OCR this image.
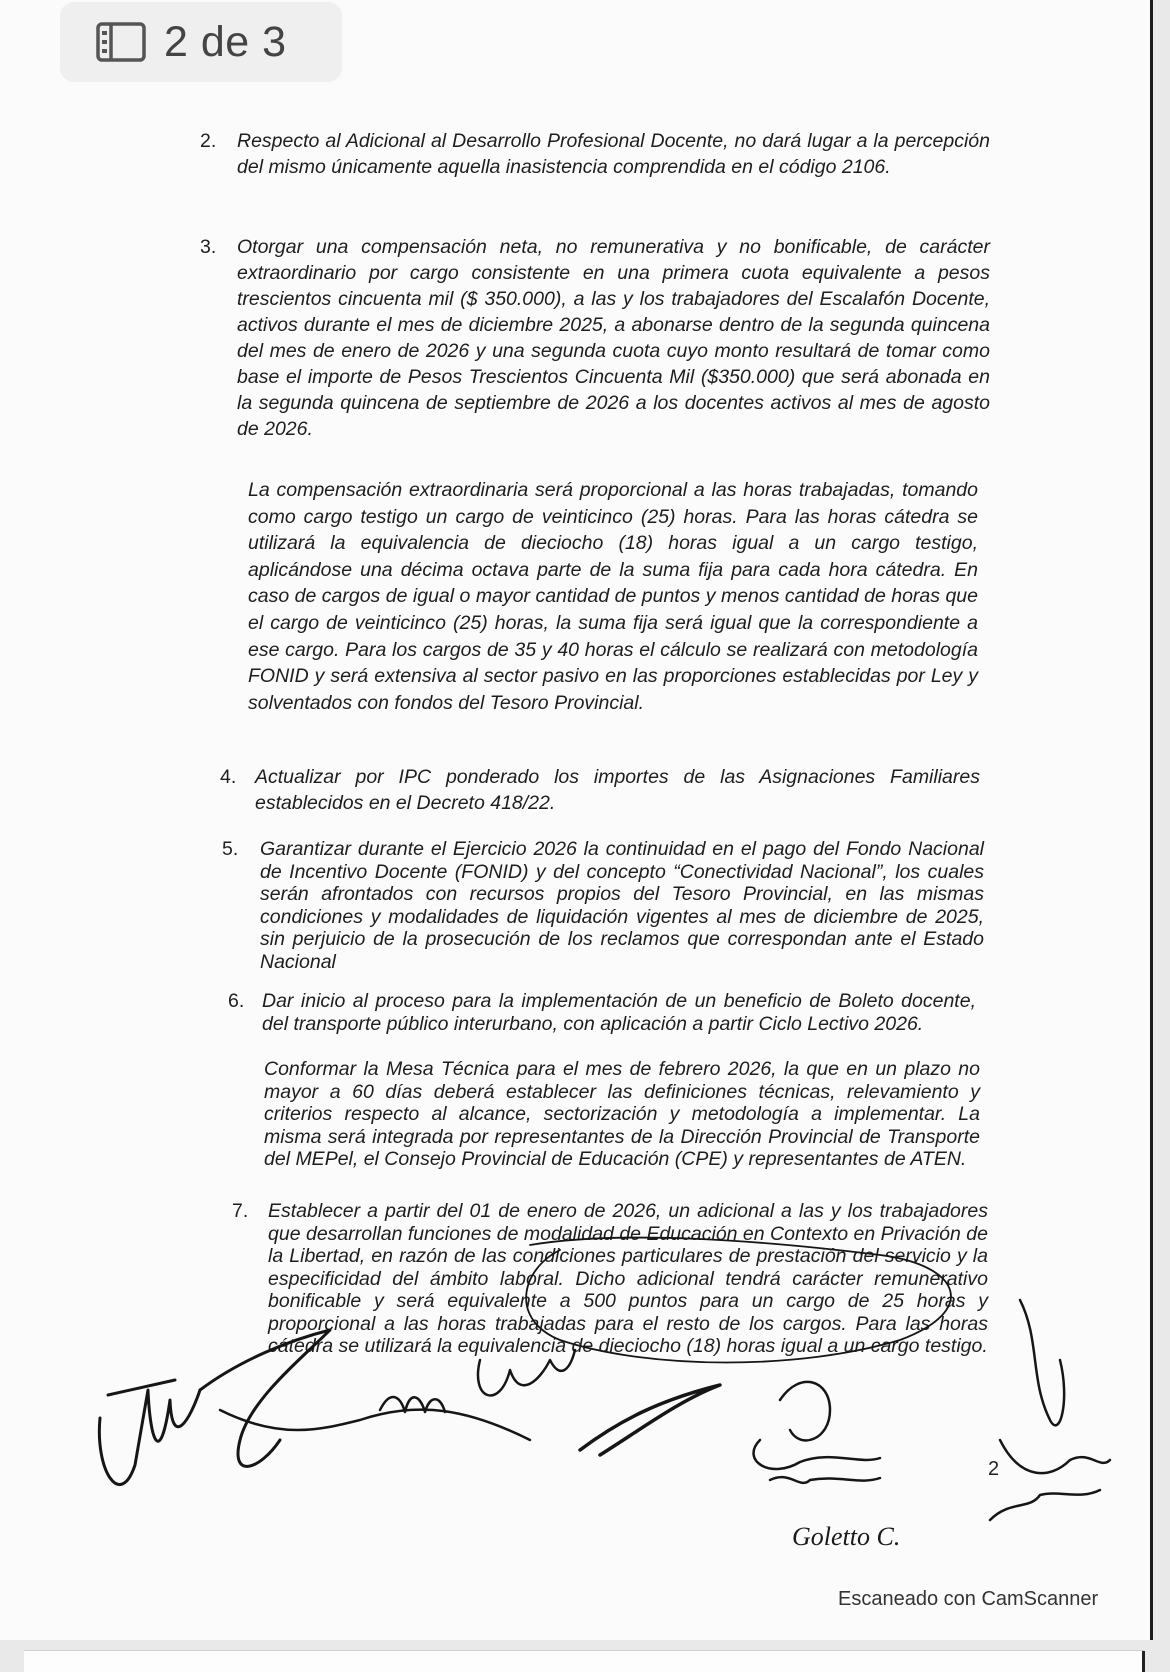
2 de 3
2. Respecto al Adicional al Desarrollo Profesional Docente, no dará lugar a la percepción del mismo únicamente aquella inasistencia comprendida en el código 2106.

3. Otorgar una compensación neta, no remunerativa y no bonificable, de carácter extraordinario por cargo consistente en una primera cuota equivalente a pesos trescientos cincuenta mil ($ 350.000), a las y los trabajadores del Escalafón Docente, activos durante el mes de diciembre 2025, a abonarse dentro de la segunda quincena del mes de enero de 2026 y una segunda cuota cuyo monto resultará de tomar como base el importe de Pesos Trescientos Cincuenta Mil ($350.000) que será abonada en la segunda quincena de septiembre de 2026 a los docentes activos al mes de agosto de 2026.

La compensación extraordinaria será proporcional a las horas trabajadas, tomando como cargo testigo un cargo de veinticinco (25) horas. Para las horas cátedra se utilizará la equivalencia de dieciocho (18) horas igual a un cargo testigo, aplicándose una décima octava parte de la suma fija para cada hora cátedra. En caso de cargos de igual o mayor cantidad de puntos y menos cantidad de horas que el cargo de veinticinco (25) horas, la suma fija será igual que la correspondiente a ese cargo. Para los cargos de 35 y 40 horas el cálculo se realizará con metodología FONID y será extensiva al sector pasivo en las proporciones establecidas por Ley y solventados con fondos del Tesoro Provincial.

4. Actualizar por IPC ponderado los importes de las Asignaciones Familiares establecidos en el Decreto 418/22.

5. Garantizar durante el Ejercicio 2026 la continuidad en el pago del Fondo Nacional de Incentivo Docente (FONID) y del concepto “Conectividad Nacional”, los cuales serán afrontados con recursos propios del Tesoro Provincial, en las mismas condiciones y modalidades de liquidación vigentes al mes de diciembre de 2025, sin perjuicio de la prosecución de los reclamos que correspondan ante el Estado Nacional

6. Dar inicio al proceso para la implementación de un beneficio de Boleto docente, del transporte público interurbano, con aplicación a partir Ciclo Lectivo 2026.

Conformar la Mesa Técnica para el mes de febrero 2026, la que en un plazo no mayor a 60 días deberá establecer las definiciones técnicas, relevamiento y criterios respecto al alcance, sectorización y metodología a implementar. La misma será integrada por representantes de la Dirección Provincial de Transporte del MEPel, el Consejo Provincial de Educación (CPE) y representantes de ATEN.

7. Establecer a partir del 01 de enero de 2026, un adicional a las y los trabajadores que desarrollan funciones de modalidad de Educación en Contexto en Privación de la Libertad, en razón de las condiciones particulares de prestación del servicio y la especificidad del ámbito laboral. Dicho adicional tendrá carácter remunerativo bonificable y será equivalente a 500 puntos para un cargo de 25 horas y proporcional a las horas trabajadas para el resto de los cargos. Para las horas cátedra se utilizará la equivalencia de dieciocho (18) horas igual a un cargo testigo.

Goletto C.
2
Escaneado con CamScanner
